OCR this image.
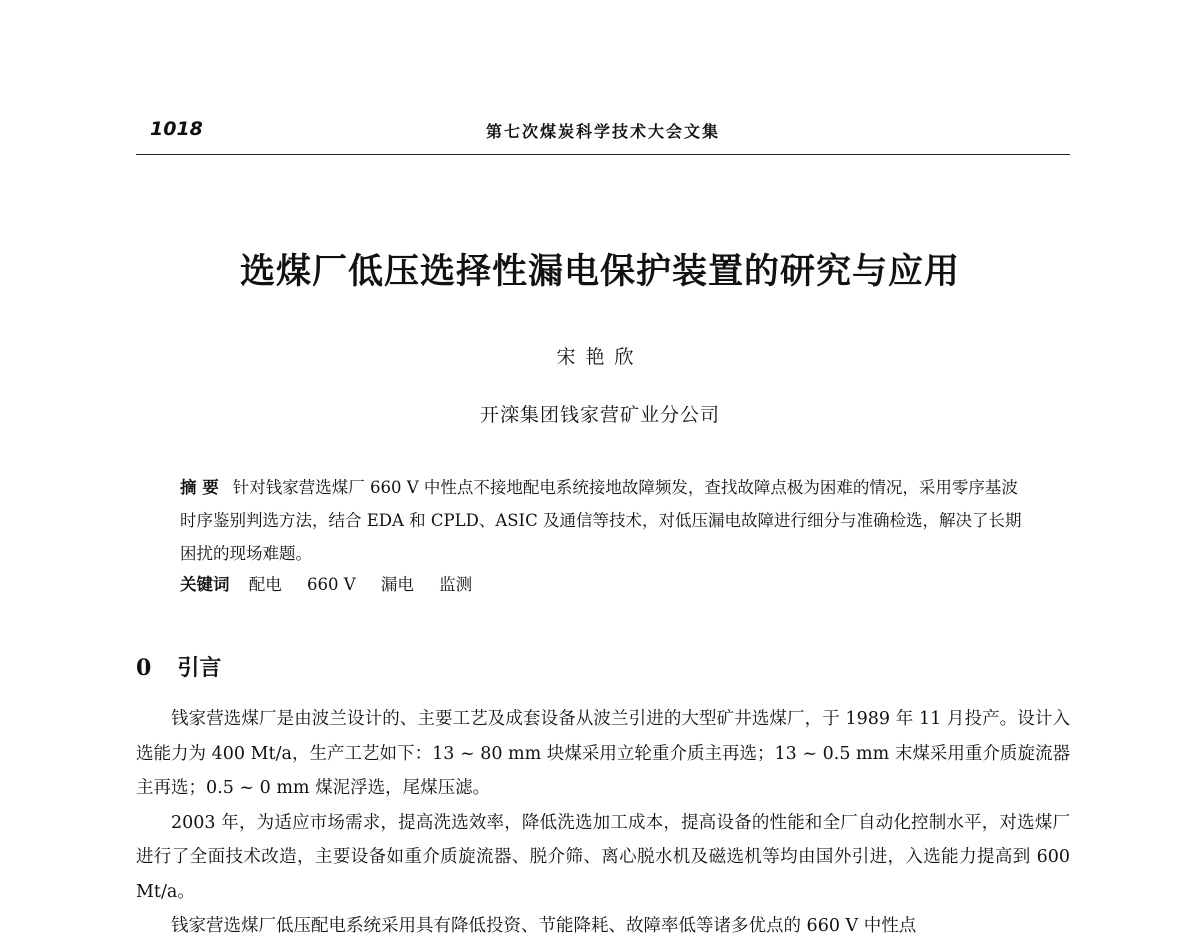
1018	第七次煤炭科学技术大会文集
选煤厂低压选择性漏电保护装置的研究与应用
宋艳欣
开滦集团钱家营矿业分公司
摘 要 针对钱家营选煤厂 660 V 中性点不接地配电系统接地故障频发，查找故障点极为困难的情况，采用零序基波时序鉴别判选方法，结合 EDA 和 CPLD、ASIC 及通信等技术，对低压漏电故障进行细分与准确检选，解决了长期困扰的现场难题。
关键词 配电 660 V 漏电 监测
0 引言

钱家营选煤厂是由波兰设计的、主要工艺及成套设备从波兰引进的大型矿井选煤厂，于 1989 年 11 月投产。设计入选能力为 400 Mt/a，生产工艺如下：13 ~ 80 mm 块煤采用立轮重介质主再选；13 ~ 0.5 mm 末煤采用重介质旋流器主再选；0.5 ~ 0 mm 煤泥浮选，尾煤压滤。

2003 年，为适应市场需求，提高洗选效率，降低洗选加工成本，提高设备的性能和全厂自动化控制水平，对选煤厂进行了全面技术改造，主要设备如重介质旋流器、脱介筛、离心脱水机及磁选机等均由国外引进，入选能力提高到 600 Mt/a。

钱家营选煤厂低压配电系统采用具有降低投资、节能降耗、故障率低等诸多优点的 660 V 中性点
